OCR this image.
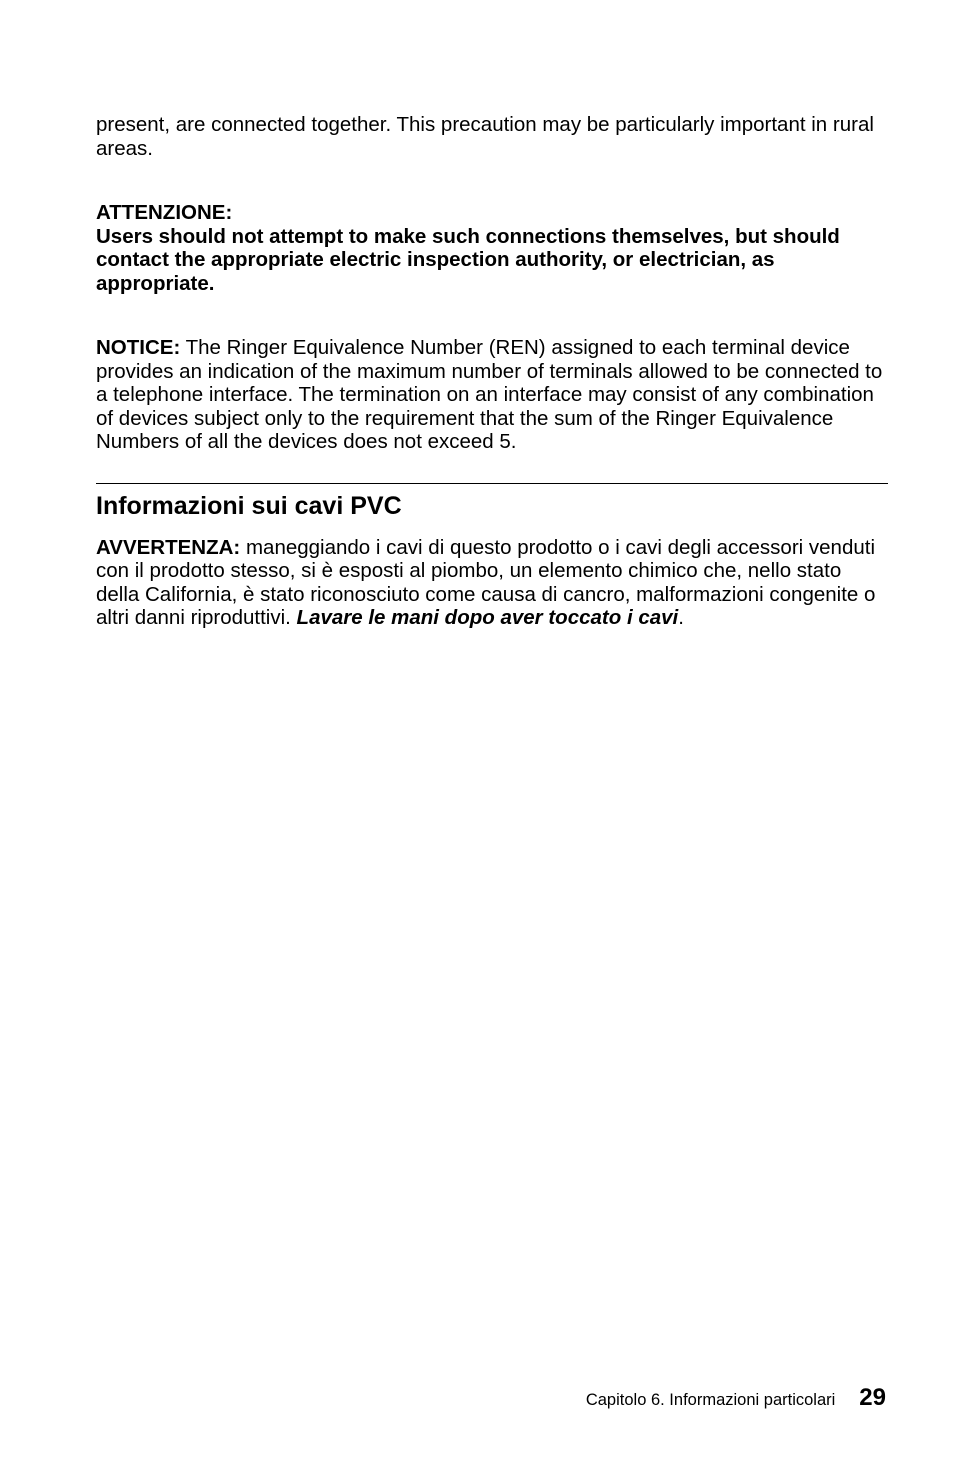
present, are connected together. This precaution may be particularly important in rural areas.

ATTENZIONE:
Users should not attempt to make such connections themselves, but should contact the appropriate electric inspection authority, or electrician, as appropriate.

NOTICE: The Ringer Equivalence Number (REN) assigned to each terminal device provides an indication of the maximum number of terminals allowed to be connected to a telephone interface. The termination on an interface may consist of any combination of devices subject only to the requirement that the sum of the Ringer Equivalence Numbers of all the devices does not exceed 5.

Informazioni sui cavi PVC

AVVERTENZA: maneggiando i cavi di questo prodotto o i cavi degli accessori venduti con il prodotto stesso, si è esposti al piombo, un elemento chimico che, nello stato della California, è stato riconosciuto come causa di cancro, malformazioni congenite o altri danni riproduttivi. Lavare le mani dopo aver toccato i cavi.

Capitolo 6. Informazioni particolari 29
